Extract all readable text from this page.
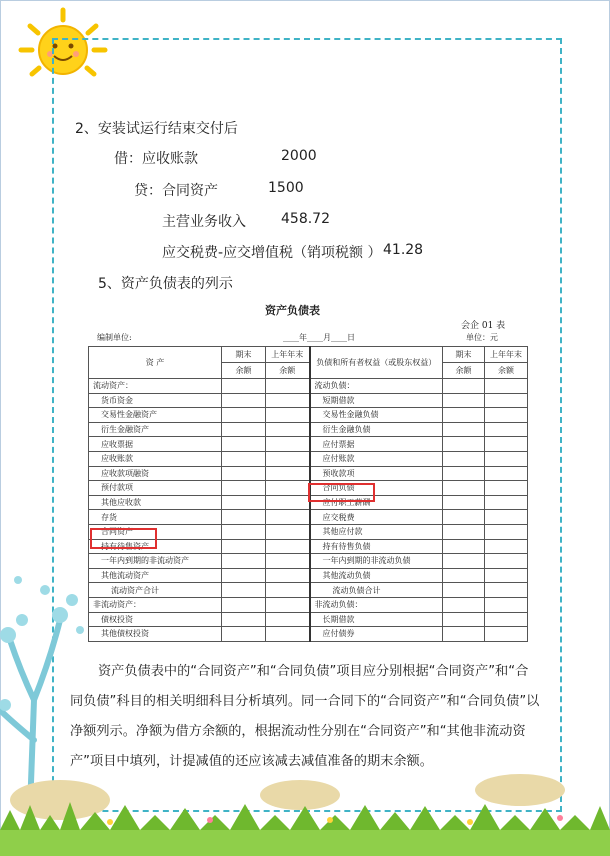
2、安装试运行结束交付后
借：应收账款	2000
贷：合同资产	1500
主营业务收入	458.72
应交税费-应交增值税（销项税额 ） 41.28
5、资产负债表的列示
资产负债表
会企 01 表
编制单位:	____年____月____日	单位：元
资 产	期末	上年年末	负债和所有者权益（或股东权益）	期末	上年年末
	余额	余额		余额	余额
流动资产：			流动负债：		
货币资金			短期借款		
交易性金融资产			交易性金融负债		
衍生金融资产			衍生金融负债		
应收票据			应付票据		
应收账款			应付账款		
应收款项融资			预收款项		
预付款项			合同负债		
其他应收款			应付职工薪酬		
存货			应交税费		
合同资产			其他应付款		
持有待售资产			持有待售负债		
一年内到期的非流动资产			一年内到期的非流动负债		
其他流动资产			其他流动负债		
流动资产合计			流动负债合计		
非流动资产：			非流动负债：		
债权投资			长期借款		
其他债权投资			应付债券		
资产负债表中的“合同资产”和“合同负债”项目应分别根据“合同资产”和“合同负债”科目的相关明细科目分析填列。同一合同下的“合同资产”和“合同负债”以净额列示。净额为借方余额的，根据流动性分别在“合同资产”和“其他非流动资产”项目中填列，计提减值的还应该减去减值准备的期末余额。
